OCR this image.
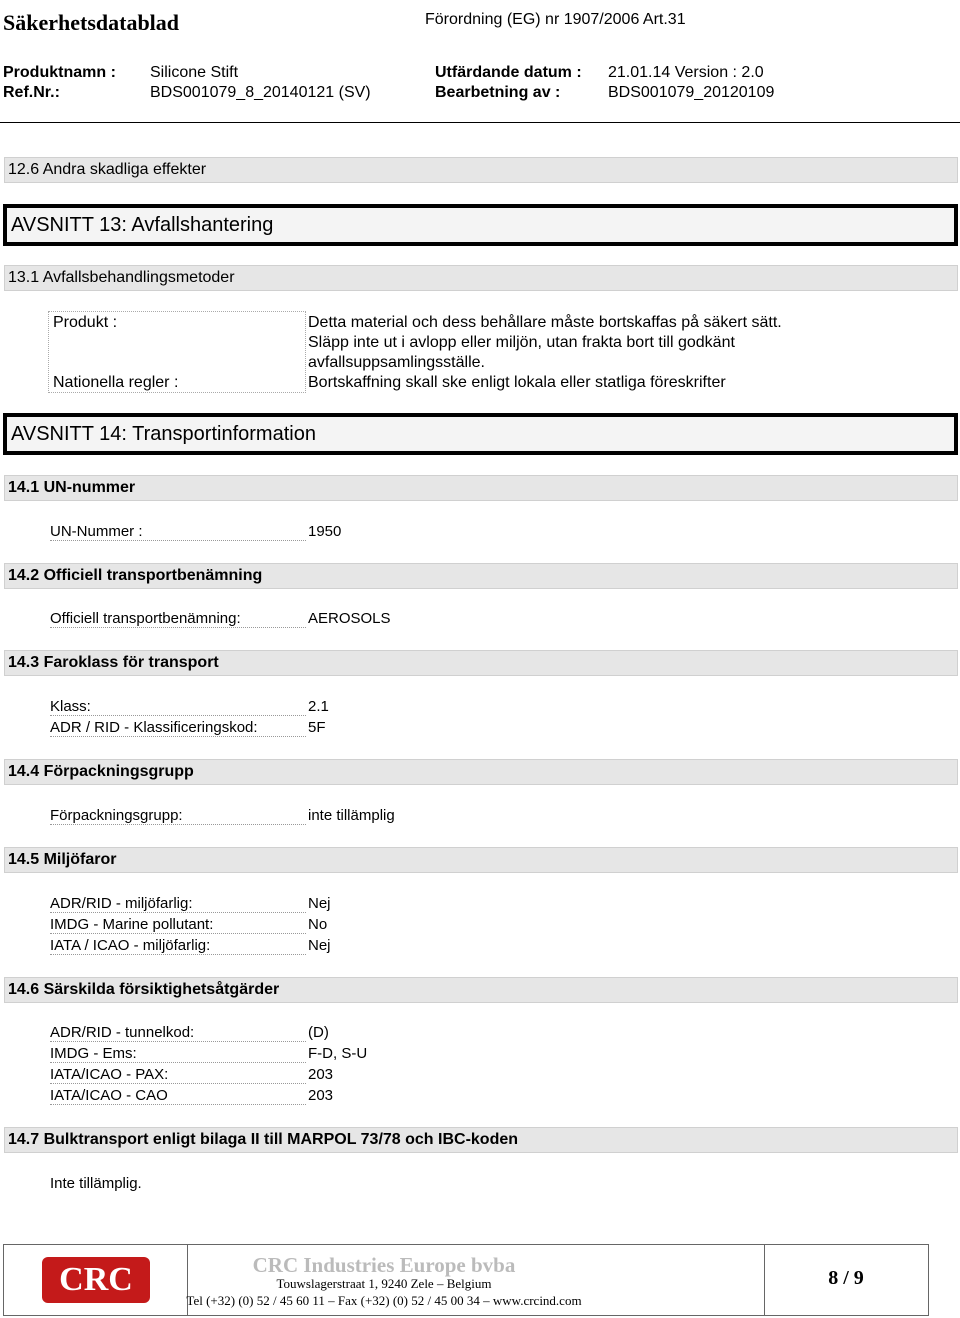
Säkerhetsdatablad	Förordning (EG) nr 1907/2006 Art.31
Produktnamn : Silicone Stift	Utfärdande datum : 21.01.14 Version : 2.0
Ref.Nr.:	BDS001079_8_20140121 (SV)	Bearbetning av :	BDS001079_20120109
12.6 Andra skadliga effekter
AVSNITT 13: Avfallshantering
13.1 Avfallsbehandlingsmetoder
Produkt :	Detta material och dess behållare måste bortskaffas på säkert sätt.
Släpp inte ut i avlopp eller miljön, utan frakta bort till godkänt
avfallsuppsamlingsställe.
Nationella regler :	Bortskaffning skall ske enligt lokala eller statliga föreskrifter
AVSNITT 14: Transportinformation
14.1 UN-nummer
UN-Nummer :	1950
14.2 Officiell transportbenämning
Officiell transportbenämning:	AEROSOLS
14.3 Faroklass för transport
Klass:	2.1
ADR / RID - Klassificeringskod:	5F
14.4 Förpackningsgrupp
Förpackningsgrupp:	inte tillämplig
14.5 Miljöfaror
ADR/RID - miljöfarlig:	Nej
IMDG - Marine pollutant:	No
IATA / ICAO - miljöfarlig:	Nej
14.6 Särskilda försiktighetsåtgärder
ADR/RID - tunnelkod:	(D)
IMDG - Ems:	F-D, S-U
IATA/ICAO - PAX:	203
IATA/ICAO - CAO	203
14.7 Bulktransport enligt bilaga II till MARPOL 73/78 och IBC-koden
Inte tillämplig.
CRC	CRC Industries Europe bvba
Touwslagerstraat 1, 9240 Zele – Belgium
Tel (+32) (0) 52 / 45 60 11 – Fax (+32) (0) 52 / 45 00 34 – www.crcind.com
8 / 9
